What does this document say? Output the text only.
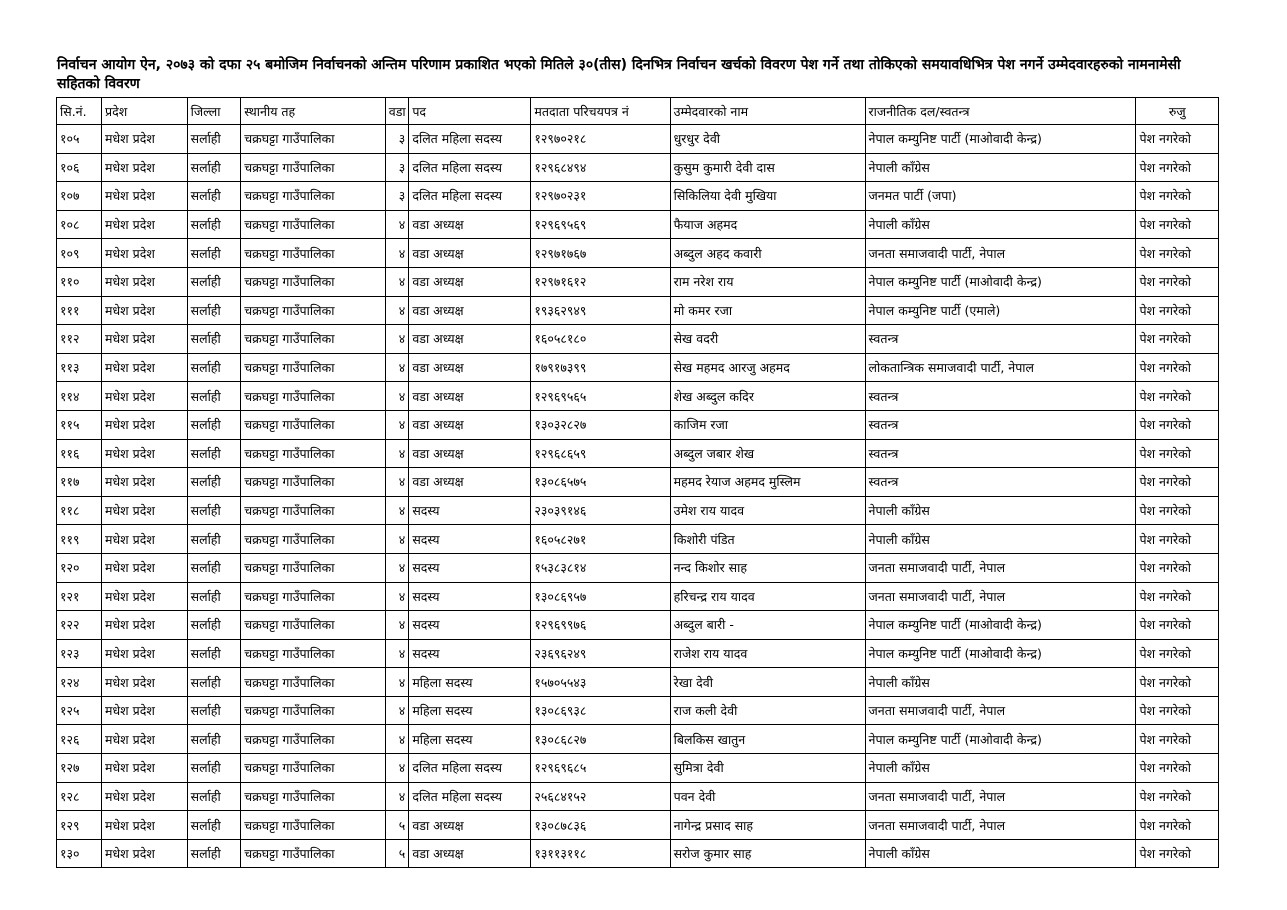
निर्वाचन आयोग ऐन, २०७३ को दफा २५ बमोजिम निर्वाचनको अन्तिम परिणाम प्रकाशित भएको मितिले ३०(तीस) दिनभित्र निर्वाचन खर्चको विवरण पेश गर्ने तथा तोकिएको समयावधिभित्र पेश नगर्ने उम्मेदवारहरुको नामनामेसी सहितको विवरण

सि.नं.	प्रदेश	जिल्ला	स्थानीय तह	वडा	पद	मतदाता परिचयपत्र नं	उम्मेदवारको नाम	राजनीतिक दल/स्वतन्त्र	रुजु
१०५	मधेश प्रदेश	सर्लाही	चक्रघट्टा गाउँपालिका	३	दलित महिला सदस्य	१२९७०२१८	धुरधुर देवी	नेपाल कम्युनिष्ट पार्टी (माओवादी केन्द्र)	पेश नगरेको
१०६	मधेश प्रदेश	सर्लाही	चक्रघट्टा गाउँपालिका	३	दलित महिला सदस्य	१२९६८४९४	कुसुम कुमारी देवी दास	नेपाली काँग्रेस	पेश नगरेको
१०७	मधेश प्रदेश	सर्लाही	चक्रघट्टा गाउँपालिका	३	दलित महिला सदस्य	१२९७०२३१	सिकिलिया देवी मुखिया	जनमत पार्टी (जपा)	पेश नगरेको
१०८	मधेश प्रदेश	सर्लाही	चक्रघट्टा गाउँपालिका	४	वडा अध्यक्ष	१२९६९५६९	फैयाज अहमद	नेपाली काँग्रेस	पेश नगरेको
१०९	मधेश प्रदेश	सर्लाही	चक्रघट्टा गाउँपालिका	४	वडा अध्यक्ष	१२९७१७६७	अब्दुल अहद कवारी	जनता समाजवादी पार्टी, नेपाल	पेश नगरेको
११०	मधेश प्रदेश	सर्लाही	चक्रघट्टा गाउँपालिका	४	वडा अध्यक्ष	१२९७१६१२	राम नरेश राय	नेपाल कम्युनिष्ट पार्टी (माओवादी केन्द्र)	पेश नगरेको
१११	मधेश प्रदेश	सर्लाही	चक्रघट्टा गाउँपालिका	४	वडा अध्यक्ष	१९३६२९४९	मो कमर रजा	नेपाल कम्युनिष्ट पार्टी (एमाले)	पेश नगरेको
११२	मधेश प्रदेश	सर्लाही	चक्रघट्टा गाउँपालिका	४	वडा अध्यक्ष	१६०५८१८०	सेख वदरी	स्वतन्त्र	पेश नगरेको
११३	मधेश प्रदेश	सर्लाही	चक्रघट्टा गाउँपालिका	४	वडा अध्यक्ष	१७९१७३९९	सेख महमद आरजु अहमद	लोकतान्त्रिक समाजवादी पार्टी, नेपाल	पेश नगरेको
११४	मधेश प्रदेश	सर्लाही	चक्रघट्टा गाउँपालिका	४	वडा अध्यक्ष	१२९६९५६५	शेख अब्दुल कदिर	स्वतन्त्र	पेश नगरेको
११५	मधेश प्रदेश	सर्लाही	चक्रघट्टा गाउँपालिका	४	वडा अध्यक्ष	१३०३२८२७	काजिम रजा	स्वतन्त्र	पेश नगरेको
११६	मधेश प्रदेश	सर्लाही	चक्रघट्टा गाउँपालिका	४	वडा अध्यक्ष	१२९६८६५९	अब्दुल जबार शेख	स्वतन्त्र	पेश नगरेको
११७	मधेश प्रदेश	सर्लाही	चक्रघट्टा गाउँपालिका	४	वडा अध्यक्ष	१३०८६५७५	महमद रेयाज अहमद मुस्लिम	स्वतन्त्र	पेश नगरेको
११८	मधेश प्रदेश	सर्लाही	चक्रघट्टा गाउँपालिका	४	सदस्य	२३०३९१४६	उमेश राय यादव	नेपाली काँग्रेस	पेश नगरेको
११९	मधेश प्रदेश	सर्लाही	चक्रघट्टा गाउँपालिका	४	सदस्य	१६०५८२७१	किशोरी पंडित	नेपाली काँग्रेस	पेश नगरेको
१२०	मधेश प्रदेश	सर्लाही	चक्रघट्टा गाउँपालिका	४	सदस्य	१५३८३८१४	नन्द किशोर साह	जनता समाजवादी पार्टी, नेपाल	पेश नगरेको
१२१	मधेश प्रदेश	सर्लाही	चक्रघट्टा गाउँपालिका	४	सदस्य	१३०८६९५७	हरिचन्द्र राय यादव	जनता समाजवादी पार्टी, नेपाल	पेश नगरेको
१२२	मधेश प्रदेश	सर्लाही	चक्रघट्टा गाउँपालिका	४	सदस्य	१२९६९९७६	अब्दुल बारी -	नेपाल कम्युनिष्ट पार्टी (माओवादी केन्द्र)	पेश नगरेको
१२३	मधेश प्रदेश	सर्लाही	चक्रघट्टा गाउँपालिका	४	सदस्य	२३६९६२४९	राजेश राय यादव	नेपाल कम्युनिष्ट पार्टी (माओवादी केन्द्र)	पेश नगरेको
१२४	मधेश प्रदेश	सर्लाही	चक्रघट्टा गाउँपालिका	४	महिला सदस्य	१५७०५५४३	रेखा देवी	नेपाली काँग्रेस	पेश नगरेको
१२५	मधेश प्रदेश	सर्लाही	चक्रघट्टा गाउँपालिका	४	महिला सदस्य	१३०८६९३८	राज कली देवी	जनता समाजवादी पार्टी, नेपाल	पेश नगरेको
१२६	मधेश प्रदेश	सर्लाही	चक्रघट्टा गाउँपालिका	४	महिला सदस्य	१३०८६८२७	बिलकिस खातुन	नेपाल कम्युनिष्ट पार्टी (माओवादी केन्द्र)	पेश नगरेको
१२७	मधेश प्रदेश	सर्लाही	चक्रघट्टा गाउँपालिका	४	दलित महिला सदस्य	१२९६९६८५	सुमित्रा देवी	नेपाली काँग्रेस	पेश नगरेको
१२८	मधेश प्रदेश	सर्लाही	चक्रघट्टा गाउँपालिका	४	दलित महिला सदस्य	२५६८४१५२	पवन देवी	जनता समाजवादी पार्टी, नेपाल	पेश नगरेको
१२९	मधेश प्रदेश	सर्लाही	चक्रघट्टा गाउँपालिका	५	वडा अध्यक्ष	१३०८७८३६	नागेन्द्र प्रसाद साह	जनता समाजवादी पार्टी, नेपाल	पेश नगरेको
१३०	मधेश प्रदेश	सर्लाही	चक्रघट्टा गाउँपालिका	५	वडा अध्यक्ष	१३११३११८	सरोज कुमार साह	नेपाली काँग्रेस	पेश नगरेको
